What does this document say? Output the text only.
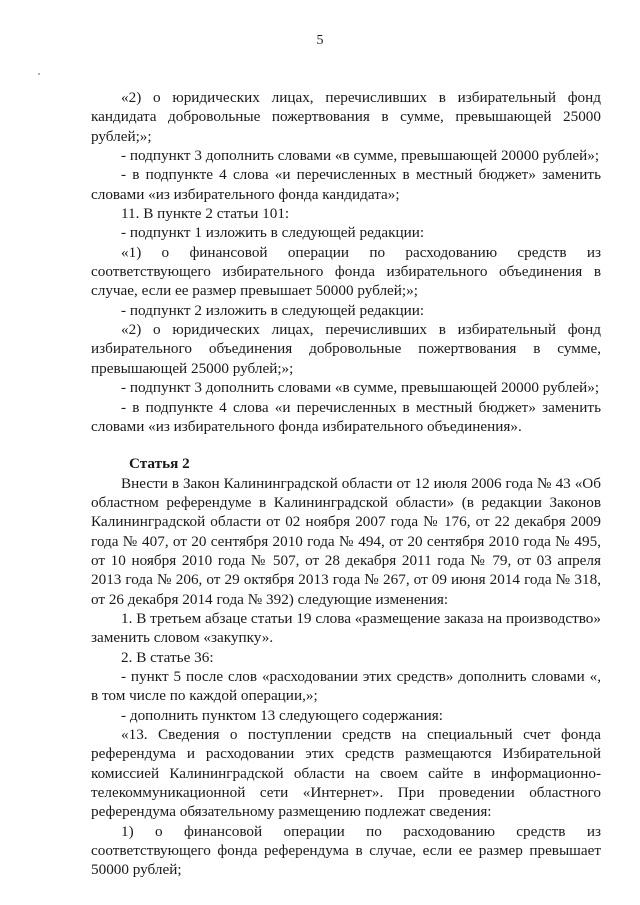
5

«2) о юридических лицах, перечисливших в избирательный фонд кандидата добровольные пожертвования в сумме, превышающей 25000 рублей;»;

- подпункт 3 дополнить словами «в сумме, превышающей 20000 рублей»;

- в подпункте 4 слова «и перечисленных в местный бюджет» заменить словами «из избирательного фонда кандидата»;

11. В пункте 2 статьи 101:

- подпункт 1 изложить в следующей редакции:

«1) о финансовой операции по расходованию средств из соответствующего избирательного фонда избирательного объединения в случае, если ее размер превышает 50000 рублей;»;

- подпункт 2 изложить в следующей редакции:

«2) о юридических лицах, перечисливших в избирательный фонд избирательного объединения добровольные пожертвования в сумме, превышающей 25000 рублей;»;

- подпункт 3 дополнить словами «в сумме, превышающей 20000 рублей»;

- в подпункте 4 слова «и перечисленных в местный бюджет» заменить словами «из избирательного фонда избирательного объединения».

Статья 2

Внести в Закон Калининградской области от 12 июля 2006 года № 43 «Об областном референдуме в Калининградской области» (в редакции Законов Калининградской области от 02 ноября 2007 года № 176, от 22 декабря 2009 года № 407, от 20 сентября 2010 года № 494, от 20 сентября 2010 года № 495, от 10 ноября 2010 года № 507, от 28 декабря 2011 года № 79, от 03 апреля 2013 года № 206, от 29 октября 2013 года № 267, от 09 июня 2014 года № 318, от 26 декабря 2014 года № 392) следующие изменения:

1. В третьем абзаце статьи 19 слова «размещение заказа на производство» заменить словом «закупку».

2. В статье 36:

- пункт 5 после слов «расходовании этих средств» дополнить словами «, в том числе по каждой операции,»;

- дополнить пунктом 13 следующего содержания:

«13. Сведения о поступлении средств на специальный счет фонда референдума и расходовании этих средств размещаются Избирательной комиссией Калининградской области на своем сайте в информационно-телекоммуникационной сети «Интернет». При проведении областного референдума обязательному размещению подлежат сведения:

1) о финансовой операции по расходованию средств из соответствующего фонда референдума в случае, если ее размер превышает 50000 рублей;
